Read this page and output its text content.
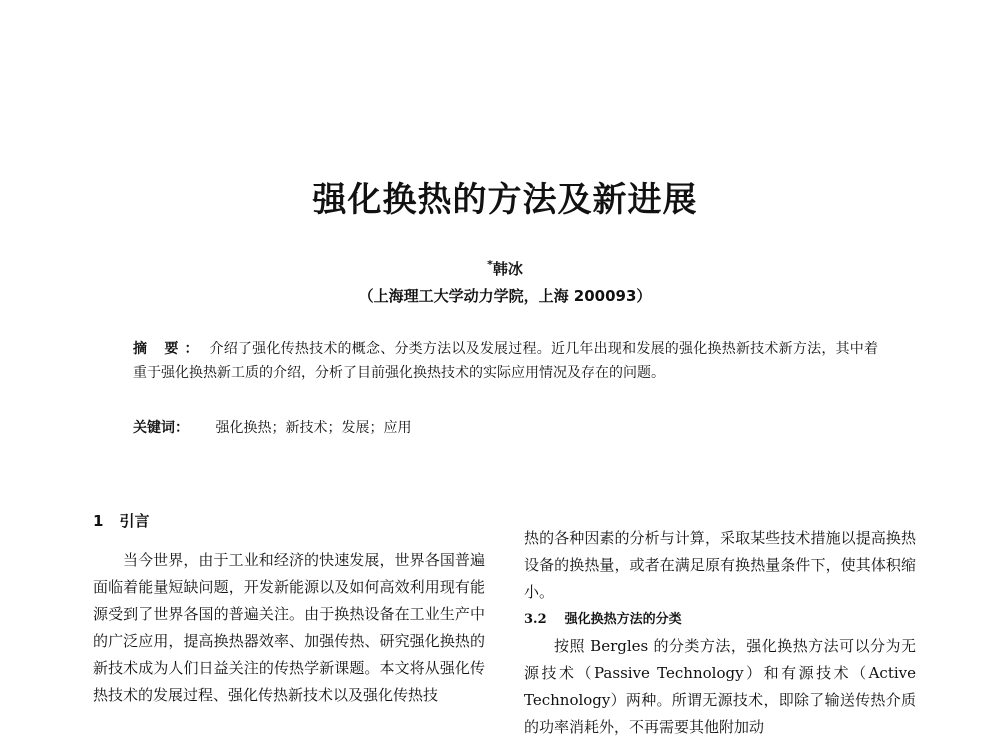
强化换热的方法及新进展
*韩冰
（上海理工大学动力学院，上海 200093）
摘 要： 介绍了强化传热技术的概念、分类方法以及发展过程。近几年出现和发展的强化换热新技术新方法，其中着重于强化换热新工质的介绍，分析了目前强化换热技术的实际应用情况及存在的问题。
关键词： 强化换热；新技术；发展；应用
1 引言

当今世界，由于工业和经济的快速发展，世界各国普遍面临着能量短缺问题，开发新能源以及如何高效利用现有能源受到了世界各国的普遍关注。由于换热设备在工业生产中的广泛应用，提高换热器效率、加强传热、研究强化换热的新技术成为人们日益关注的传热学新课题。本文将从强化传热技术的发展过程、强化传热新技术以及强化传热技

热的各种因素的分析与计算，采取某些技术措施以提高换热设备的换热量，或者在满足原有换热量条件下，使其体积缩小。

3.2 强化换热方法的分类

按照 Bergles 的分类方法，强化换热方法可以分为无源技术（Passive Technology）和有源技术（Active Technology）两种。所谓无源技术，即除了输送传热介质的功率消耗外，不再需要其他附加动
